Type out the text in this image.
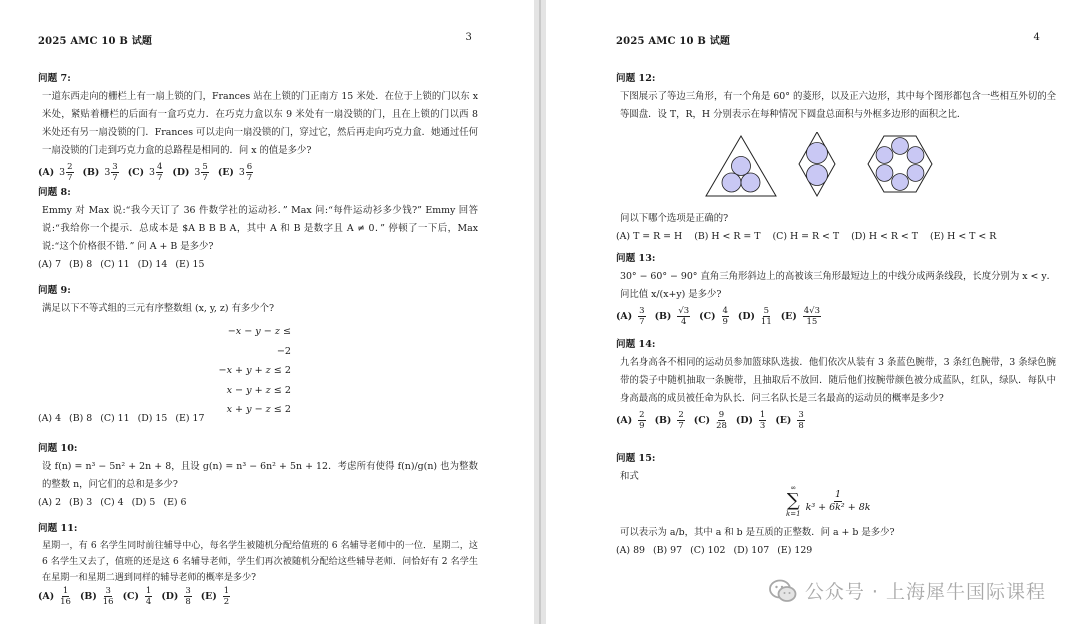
2025 AMC 10 B 试题	3
问题 7:
一道东西走向的栅栏上有一扇上锁的门，Frances 站在上锁的门正南方 15 米处．在位于上锁的门以东 x 米处，紧贴着栅栏的后面有一盒巧克力．在巧克力盒以东 9 米处有一扇没锁的门，且在上锁的门以西 8 米处还有另一扇没锁的门．Frances 可以走向一扇没锁的门，穿过它，然后再走向巧克力盒．她通过任何一扇没锁的门走到巧克力盒的总路程是相同的．问 x 的值是多少?
(A) $3 \frac{2}{7} (B)$ $3 \frac{3}{7} (C)$ $3 \frac{4}{7} (D)$ $3 \frac{5}{7} (E)$ $3 \frac{6}{7}$
问题 8:
Emmy 对 Max 说:“我今天订了 36 件数学社的运动衫．” Max 问:“每件运动衫多少钱?” Emmy 回答说:“我给你一个提示．总成本是 $A B B B A，其中 A 和 B 是数字且 A ≠ 0．” 停顿了一下后，Max 说:“这个价格很不错．” 问 A + B 是多少?
(A) 7 (B) 8 (C) 11 (D) 14 (E) 15
问题 9:
满足以下不等式组的三元有序整数组 (x, y, z) 有多少个?
−x − y − z ≤ −2
−x + y + z ≤ 2
x − y + z ≤ 2
x + y − z ≤ 2
(A) 4 (B) 8 (C) 11 (D) 15 (E) 17
问题 10:
设 f(n) = n³ − 5n² + 2n + 8，且设 g(n) = n³ − 6n² + 5n + 12．考虑所有使得 f(n)/g(n) 也为整数的整数 n，问它们的总和是多少?
(A) 2 (B) 3 (C) 4 (D) 5 (E) 6
问题 11:
星期一，有 6 名学生同时前往辅导中心，每名学生被随机分配给值班的 6 名辅导老师中的一位．星期二，这 6 名学生又去了，值班的还是这 6 名辅导老师，学生们再次被随机分配给这些辅导老师．问恰好有 2 名学生在星期一和星期二遇到同样的辅导老师的概率是多少?
$(A) \frac{1}{16} (B) \frac{3}{16} (C) \frac{1}{4} (D) \frac{3}{8} (E) \frac{1}{2}$
2025 AMC 10 B 试题	4
问题 12:
下图展示了等边三角形，有一个角是 60° 的菱形，以及正六边形，其中每个图形都包含一些相互外切的全等圆盘．设 T，R，H 分别表示在每种情况下圆盘总面积与外框多边形的面积之比．
问以下哪个选项是正确的?
(A) T = R = H (B) H < R = T (C) H = R < T (D) H < R < T (E) H < T < R
问题 13:
30° − 60° − 90° 直角三角形斜边上的高被该三角形最短边上的中线分成两条线段，长度分别为 x < y．问比值 x/(x+y) 是多少?
$(A) \frac{3}{7} (B) \frac{√3}{4} (C) \frac{4}{9} (D) \frac{5}{11} (E) \frac{4√3}{15}$
问题 14:
九名身高各不相同的运动员参加篮球队选拔．他们依次从装有 3 条蓝色腕带，3 条红色腕带，3 条绿色腕带的袋子中随机抽取一条腕带，且抽取后不放回．随后他们按腕带颜色被分成蓝队，红队，绿队．每队中身高最高的成员被任命为队长．问三名队长是三名最高的运动员的概率是多少?
$(A) \frac{2}{9} (B) \frac{2}{7} (C) \frac{9}{28} (D) \frac{1}{3} (E) \frac{3}{8}$
问题 15:
和式
∞
∑
k=1
$\frac{1}{\text{k³ + 6k² + 8k}}$
可以表示为 a/b，其中 a 和 b 是互质的正整数．问 a + b 是多少?
(A) 89 (B) 97 (C) 102 (D) 107 (E) 129
公众号 · 上海犀牛国际课程
